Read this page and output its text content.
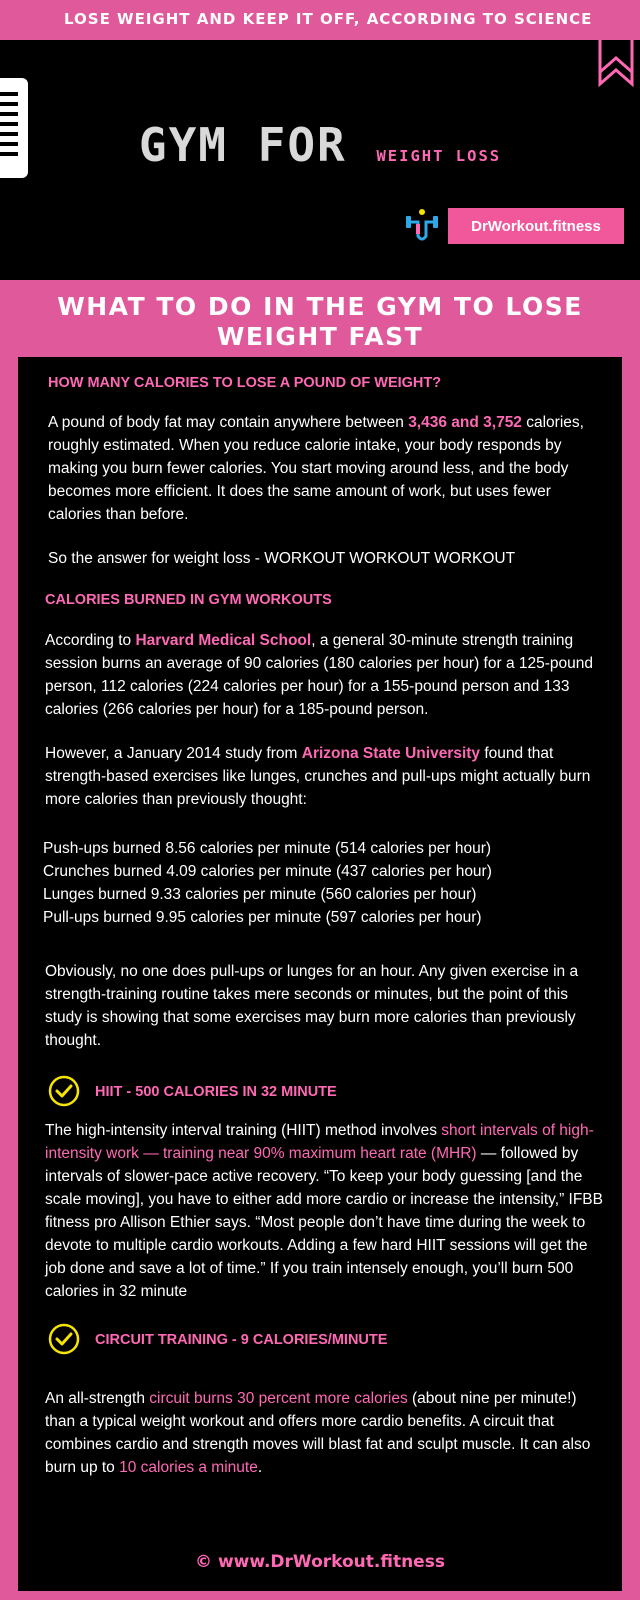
LOSE WEIGHT AND KEEP IT OFF, ACCORDING TO SCIENCE
GYM FOR WEIGHT LOSS
DrWorkout.fitness
WHAT TO DO IN THE GYM TO LOSE
WEIGHT FAST
HOW MANY CALORIES TO LOSE A POUND OF WEIGHT?
A pound of body fat may contain anywhere between 3,436 and 3,752 calories, roughly estimated. When you reduce calorie intake, your body responds by making you burn fewer calories. You start moving around less, and the body becomes more efficient. It does the same amount of work, but uses fewer calories than before.
So the answer for weight loss - WORKOUT WORKOUT WORKOUT
CALORIES BURNED IN GYM WORKOUTS
According to Harvard Medical School, a general 30-minute strength training session burns an average of 90 calories (180 calories per hour) for a 125-pound person, 112 calories (224 calories per hour) for a 155-pound person and 133 calories (266 calories per hour) for a 185-pound person.
However, a January 2014 study from Arizona State University found that strength-based exercises like lunges, crunches and pull-ups might actually burn more calories than previously thought:
Push-ups burned 8.56 calories per minute (514 calories per hour)
Crunches burned 4.09 calories per minute (437 calories per hour)
Lunges burned 9.33 calories per minute (560 calories per hour)
Pull-ups burned 9.95 calories per minute (597 calories per hour)
Obviously, no one does pull-ups or lunges for an hour. Any given exercise in a strength-training routine takes mere seconds or minutes, but the point of this study is showing that some exercises may burn more calories than previously thought.
HIIT - 500 CALORIES IN 32 MINUTE
The high-intensity interval training (HIIT) method involves short intervals of high-intensity work — training near 90% maximum heart rate (MHR) — followed by intervals of slower-pace active recovery. “To keep your body guessing [and the scale moving], you have to either add more cardio or increase the intensity,” IFBB fitness pro Allison Ethier says. “Most people don’t have time during the week to devote to multiple cardio workouts. Adding a few hard HIIT sessions will get the job done and save a lot of time.” If you train intensely enough, you’ll burn 500 calories in 32 minute
CIRCUIT TRAINING - 9 CALORIES/MINUTE
An all-strength circuit burns 30 percent more calories (about nine per minute!) than a typical weight workout and offers more cardio benefits. A circuit that combines cardio and strength moves will blast fat and sculpt muscle. It can also burn up to 10 calories a minute.
© www.DrWorkout.fitness
